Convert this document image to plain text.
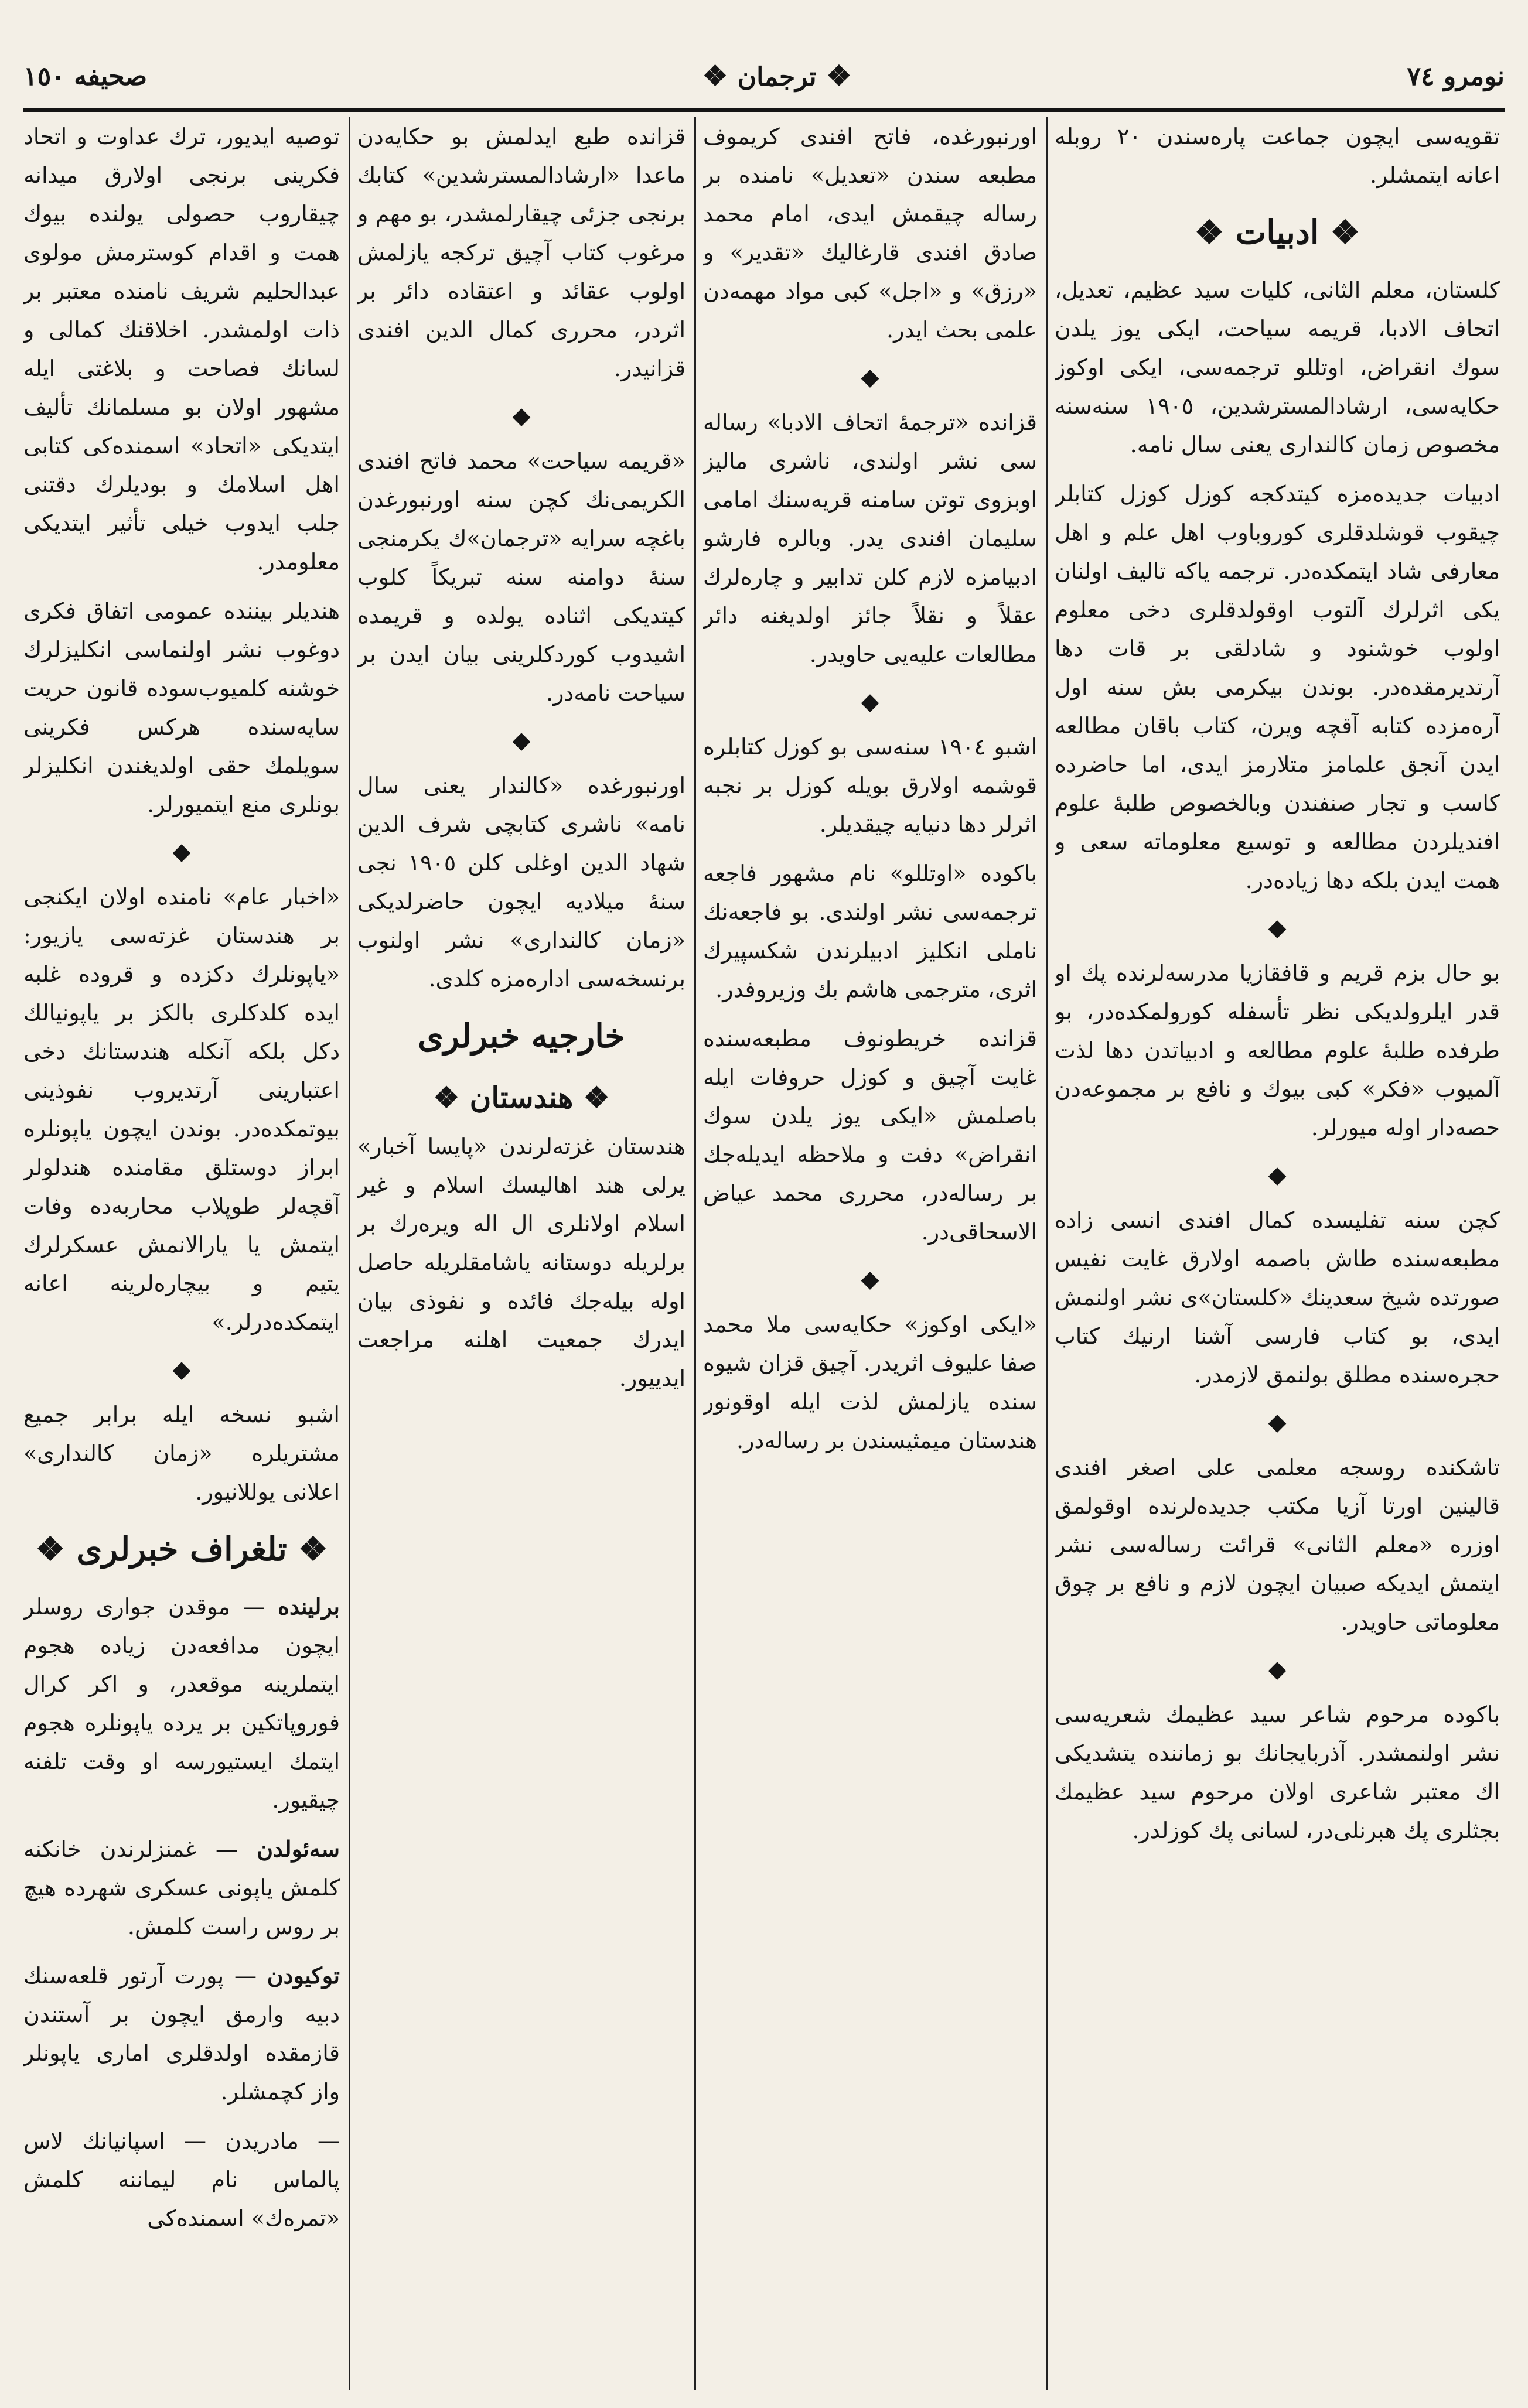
نومرو ٧٤
❖ ترجمان ❖
صحيفه ١٥٠

تقويه‌سى ايچون جماعت پاره‌سندن ٢٠ روبله اعانه ايتمشلر.

❖ ادبيات ❖

كلستان، معلم الثانى، كليات سيد عظيم، تعديل، اتحاف الادبا، قريمه سياحت، ايكى يوز يلدن سوك انقراض، اوتللو ترجمه‌سى، ايكى اوكوز حكايه‌سى، ارشادالمسترشدين، ١٩٠٥ سنه‌سنه مخصوص زمان كالندارى يعنى سال نامه.

ادبيات جديده‌مزه كيتدكجه كوزل كوزل كتابلر چيقوب قوشلدقلرى كوروباوب اهل علم و اهل معارفى شاد ايتمكده‌در. ترجمه ياكه تاليف اولنان يكى اثرلرك آلتوب اوقولدقلرى دخى معلوم اولوب خوشنود و شادلقى بر قات دها آرتديرمقده‌در. بوندن بيكرمى بش سنه اول آره‌مزده كتابه آقچه ويرن، كتاب باقان مطالعه ايدن آنجق علمامز متلارمز ايدى، اما حاضرده كاسب و تجار صنفندن وبالخصوص طلبهٔ علوم افنديلردن مطالعه و توسيع معلوماته سعى و همت ايدن بلكه دها زياده‌در.

◆

بو حال بزم قريم و قافقازيا مدرسه‌لرنده پك او قدر ايلرولديكى نظر تأسفله كورولمكده‌در، بو طرفده طلبهٔ علوم مطالعه و ادبياتدن دها لذت آلميوب «فكر» كبى بيوك و نافع بر مجموعه‌دن حصه‌دار اوله ميورلر.

◆

كچن سنه تفليسده كمال افندى انسى زاده مطبعه‌سنده طاش باصمه اولارق غايت نفيس صورتده شيخ سعدينك «كلستان»ى نشر اولنمش ايدى، بو كتاب فارسى آشنا ارنيك كتاب حجره‌سنده مطلق بولنمق لازمدر.

◆

تاشكنده روسجه معلمى على اصغر افندى قالينين اورتا آزيا مكتب جديده‌لرنده اوقولمق اوزره «معلم الثانى» قرائت رساله‌سى نشر ايتمش ايديكه صبيان ايچون لازم و نافع بر چوق معلوماتى حاويدر.

◆

باكوده مرحوم شاعر سيد عظيمك شعريه‌سى نشر اولنمشدر. آذربايجانك بو زماننده يتشديكى اك معتبر شاعرى اولان مرحوم سيد عظيمك بجثلرى پك هبرنلى‌در، لسانى پك كوزلدر.

اورنبورغده، فاتح افندى كريموف مطبعه سندن «تعديل» نامنده بر رساله چيقمش ايدى، امام محمد صادق افندى قارغاليك «تقدير» و «رزق» و «اجل» كبى مواد مهمه‌دن علمى بحث ايدر.

◆

قزانده «ترجمهٔ اتحاف الادبا» رساله سى نشر اولندى، ناشرى ماليز اوبزوى توتن سامنه قريه‌سنك امامى سليمان افندى يدر. وبالره فارشو ادبيامزه لازم كلن تدابير و چاره‌لرك عقلاً و نقلاً جائز اولديغنه دائر مطالعات عليه‌يى حاويدر.

◆

اشبو ١٩٠٤ سنه‌سى بو كوزل كتابلره قوشمه اولارق بويله كوزل بر نجبه اثرلر دها دنيايه چيقديلر.

باكوده «اوتللو» نام مشهور فاجعه ترجمه‌سى نشر اولندى. بو فاجعه‌نك ناملى انكليز ادبيلرندن شكسپيرك اثرى، مترجمى هاشم بك وزيروفدر.

قزانده خريطونوف مطبعه‌سنده غايت آچيق و كوزل حروفات ايله باصلمش «ايكى يوز يلدن سوك انقراض» دفت و ملاحظه ايديله‌جك بر رساله‌در، محررى محمد عياض الاسحاقى‌در.

◆

«ايكى اوكوز» حكايه‌سى ملا محمد صفا عليوف اثريدر. آچيق قزان شيوه سنده يازلمش لذت ايله اوقونور هندستان ميمثيسندن بر رساله‌در.

قزانده طبع ايدلمش بو حكايه‌دن ماعدا «ارشادالمسترشدين» كتابك برنجى جزئى چيقارلمشدر، بو مهم و مرغوب كتاب آچيق تركجه يازلمش اولوب عقائد و اعتقاده دائر بر اثردر، محررى كمال الدين افندى قزانيدر.

◆

«قريمه سياحت» محمد فاتح افندى الكريمى‌نك كچن سنه اورنبورغدن باغچه سرايه «ترجمان»ك يكرمنجى سنهٔ دوامنه سنه تبريكاً كلوب كيتديكى اثناده يولده و قريمده اشيدوب كوردكلرينى بيان ايدن بر سياحت نامه‌در.

◆

اورنبورغده «كالندار يعنى سال نامه» ناشرى كتابچى شرف الدين شهاد الدين اوغلى كلن ١٩٠٥ نجى سنهٔ ميلاديه ايچون حاضرلديكى «زمان كالندارى» نشر اولنوب برنسخه‌سى اداره‌مزه كلدى.

خارجيه خبرلرى
❖ هندستان ❖

هندستان غزته‌لرندن «پايسا آخبار» يرلى هند اهاليسك اسلام و غير اسلام اولانلرى ال اله ويره‌رك بر برلريله دوستانه ياشامقلريله حاصل اوله بيله‌جك فائده و نفوذى بيان ايدرك جمعيت اهلنه مراجعت ايدييور.

توصيه ايديور، ترك عداوت و اتحاد فكرينى برنجى اولارق ميدانه چيقاروب حصولى يولنده بيوك همت و اقدام كوسترمش مولوى عبدالحليم شريف نامنده معتبر بر ذات اولمشدر. اخلاقنك كمالى و لسانك فصاحت و بلاغتى ايله مشهور اولان بو مسلمانك تأليف ايتديكى «اتحاد» اسمنده‌كى كتابى اهل اسلامك و بوديلرك دقتنى جلب ايدوب خيلى تأثير ايتديكى معلومدر.

هنديلر بيننده عمومى اتفاق فكرى دوغوب نشر اولنماسى انكليزلرك خوشنه كلميوب‌سوده قانون حريت سايه‌سنده هركس فكرينى سويلمك حقى اولديغندن انكليزلر بونلرى منع ايتميورلر.

◆

«اخبار عام» نامنده اولان ايكنجى بر هندستان غزته‌سى يازيور: «ياپونلرك دكزده و قروده غلبه ايده كلدكلرى بالكز بر ياپونيالك دكل بلكه آنكله هندستانك دخى اعتبارينى آرتديروب نفوذينى بيوتمكده‌در. بوندن ايچون ياپونلره ابراز دوستلق مقامنده هندلولر آقچه‌لر طوپلاب محاربه‌ده وفات ايتمش يا يارالانمش عسكرلرك يتيم و بيچاره‌لرينه اعانه ايتمكده‌درلر.»

◆

اشبو نسخه ايله برابر جميع مشتريلره «زمان كالندارى» اعلانى يوللانيور.

❖ تلغراف خبرلرى ❖

برلينده — موقدن جوارى روسلر ايچون مدافعه‌دن زياده هجوم ايتملرينه موقعدر، و اكر كرال فوروپاتكين بر يرده ياپونلره هجوم ايتمك ايستيورسه او وقت تلفنه چيقيور.

سه‌ئولدن — غمنزلرندن خانكنه كلمش ياپونى عسكرى شهرده هيچ بر روس راست كلمش.

توكيودن — پورت آرتور قلعه‌سنك دبيه وارمق ايچون بر آستندن قازمقده اولدقلرى امارى ياپونلر واز كچمشلر.

— مادريدن — اسپانيانك لاس پالماس نام ليماننه كلمش «تمره‌ك» اسمنده‌كى
